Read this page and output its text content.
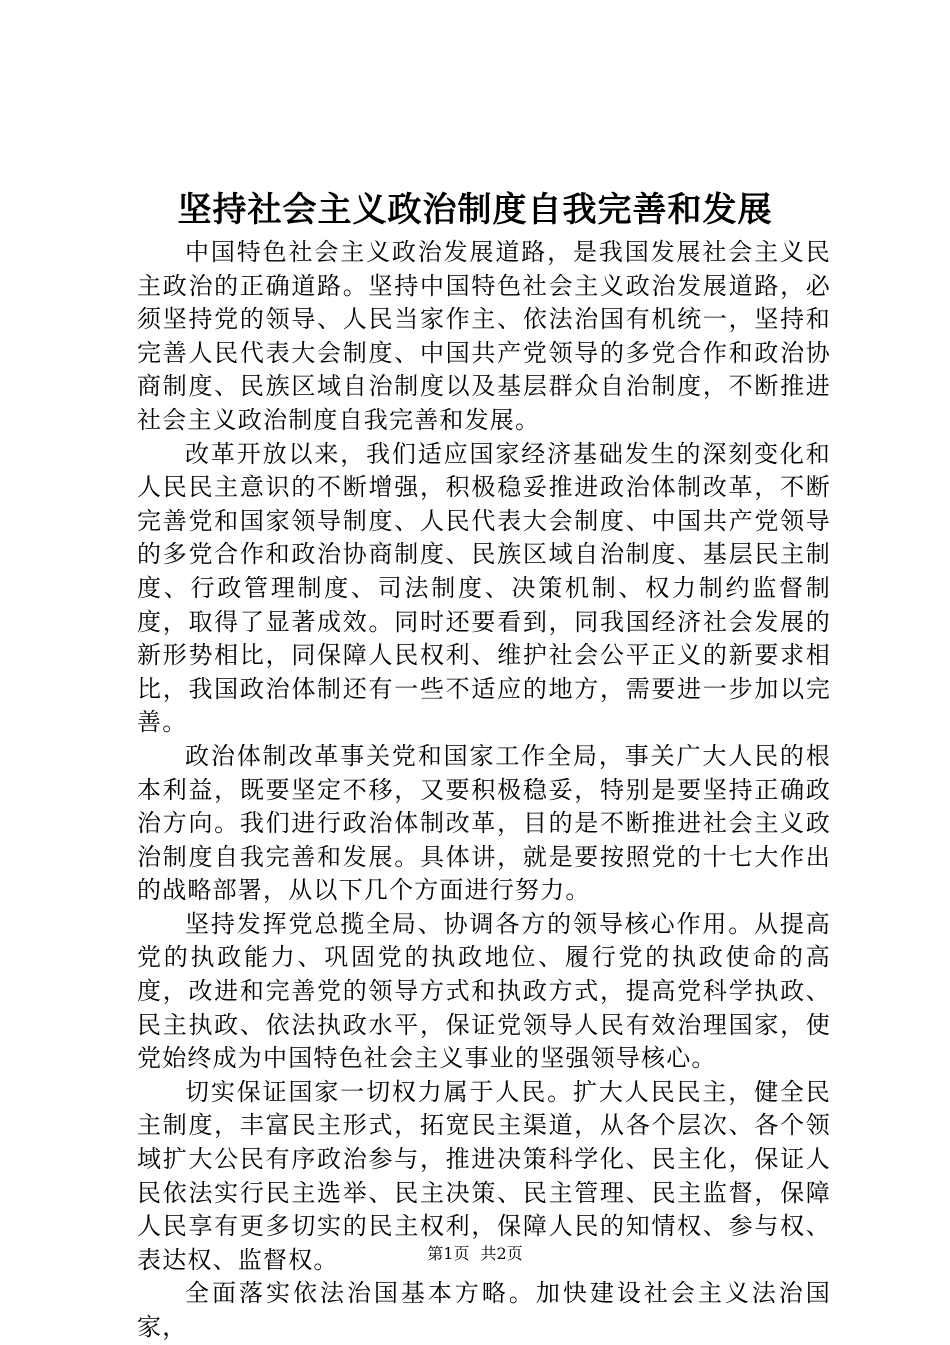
坚持社会主义政治制度自我完善和发展

中国特色社会主义政治发展道路，是我国发展社会主义民主政治的正确道路。坚持中国特色社会主义政治发展道路，必须坚持党的领导、人民当家作主、依法治国有机统一，坚持和完善人民代表大会制度、中国共产党领导的多党合作和政治协商制度、民族区域自治制度以及基层群众自治制度，不断推进社会主义政治制度自我完善和发展。

改革开放以来，我们适应国家经济基础发生的深刻变化和人民民主意识的不断增强，积极稳妥推进政治体制改革，不断完善党和国家领导制度、人民代表大会制度、中国共产党领导的多党合作和政治协商制度、民族区域自治制度、基层民主制度、行政管理制度、司法制度、决策机制、权力制约监督制度，取得了显著成效。同时还要看到，同我国经济社会发展的新形势相比，同保障人民权利、维护社会公平正义的新要求相比，我国政治体制还有一些不适应的地方，需要进一步加以完善。

政治体制改革事关党和国家工作全局，事关广大人民的根本利益，既要坚定不移，又要积极稳妥，特别是要坚持正确政治方向。我们进行政治体制改革，目的是不断推进社会主义政治制度自我完善和发展。具体讲，就是要按照党的十七大作出的战略部署，从以下几个方面进行努力。

坚持发挥党总揽全局、协调各方的领导核心作用。从提高党的执政能力、巩固党的执政地位、履行党的执政使命的高度，改进和完善党的领导方式和执政方式，提高党科学执政、民主执政、依法执政水平，保证党领导人民有效治理国家，使党始终成为中国特色社会主义事业的坚强领导核心。

切实保证国家一切权力属于人民。扩大人民民主，健全民主制度，丰富民主形式，拓宽民主渠道，从各个层次、各个领域扩大公民有序政治参与，推进决策科学化、民主化，保证人民依法实行民主选举、民主决策、民主管理、民主监督，保障人民享有更多切实的民主权利，保障人民的知情权、参与权、表达权、监督权。

全面落实依法治国基本方略。加快建设社会主义法治国家，

第1页 共2页
